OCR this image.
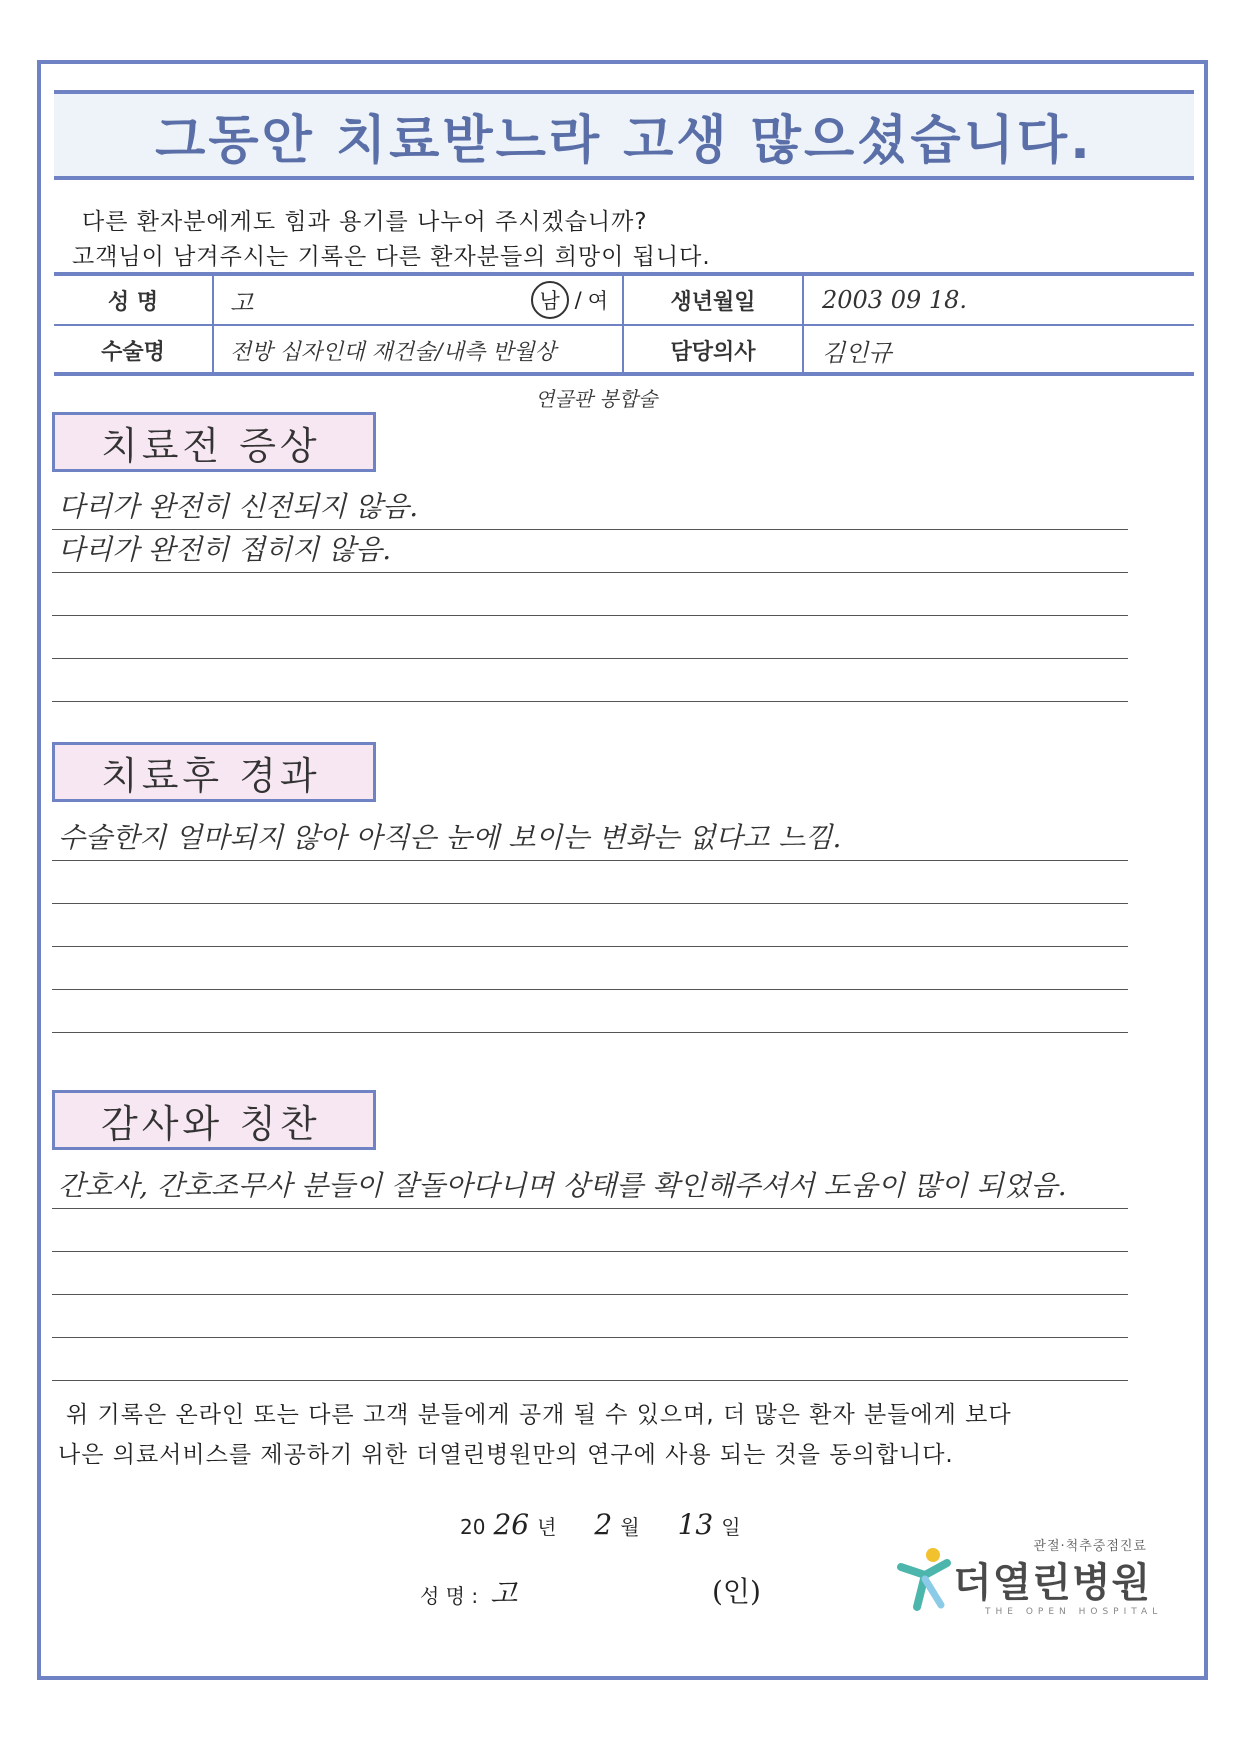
그동안 치료받느라 고생 많으셨습니다.
다른 환자분에게도 힘과 용기를 나누어 주시겠습니까?
고객님이 남겨주시는 기록은 다른 환자분들의 희망이 됩니다.
성 명	고	남 / 여	생년월일	2003 09 18.
수술명	전방 십자인대 재건술/내측 반월상	담당의사	김인규
연골판 봉합술
치료전 증상
다리가 완전히 신전되지 않음.
다리가 완전히 접히지 않음.
치료후 경과
수술한지 얼마되지 않아 아직은 눈에 보이는 변화는 없다고 느낌.
감사와 칭찬
간호사, 간호조무사 분들이 잘돌아다니며 상태를 확인해주셔서 도움이 많이 되었음.
위 기록은 온라인 또는 다른 고객 분들에게 공개 될 수 있으며, 더 많은 환자 분들에게 보다
나은 의료서비스를 제공하기 위한 더열린병원만의 연구에 사용 되는 것을 동의합니다.
20 26 년 2 월 13 일
성 명 : 고	(인)
관절·척추중점진료
더열린병원
THE OPEN HOSPITAL
